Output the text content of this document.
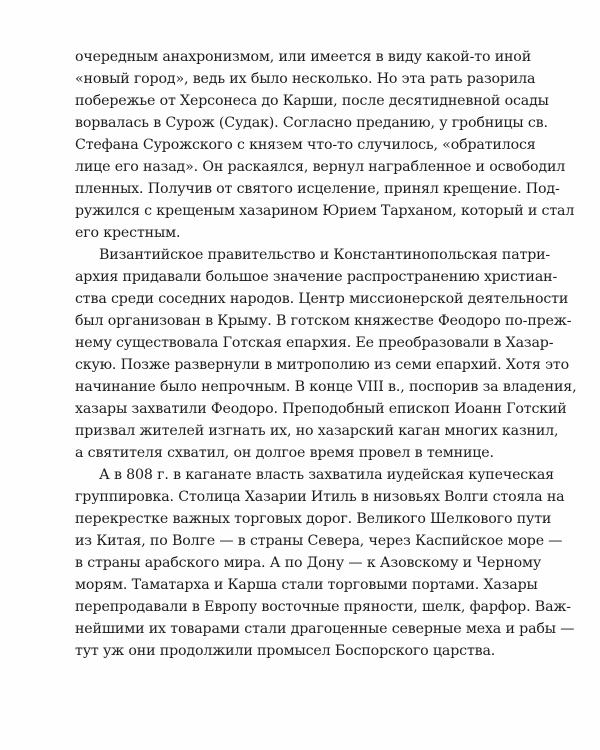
очередным анахронизмом, или имеется в виду какой-то иной
«новый город», ведь их было несколько. Но эта рать разорила
побережье от Херсонеса до Карши, после десятидневной осады
ворвалась в Сурож (Судак). Согласно преданию, у гробницы св.
Стефана Сурожского с князем что-то случилось, «обратилося
лице его назад». Он раскаялся, вернул награбленное и освободил
пленных. Получив от святого исцеление, принял крещение. Под-
ружился с крещеным хазарином Юрием Тарханом, который и стал
его крестным.
Византийское правительство и Константинопольская патри-
архия придавали большое значение распространению христиан-
ства среди соседних народов. Центр миссионерской деятельности
был организован в Крыму. В готском княжестве Феодоро по-преж-
нему существовала Готская епархия. Ее преобразовали в Хазар-
скую. Позже развернули в митрополию из семи епархий. Хотя это
начинание было непрочным. В конце VIII в., поспорив за владения,
хазары захватили Феодоро. Преподобный епископ Иоанн Готский
призвал жителей изгнать их, но хазарский каган многих казнил,
а святителя схватил, он долгое время провел в темнице.
А в 808 г. в каганате власть захватила иудейская купеческая
группировка. Столица Хазарии Итиль в низовьях Волги стояла на
перекрестке важных торговых дорог. Великого Шелкового пути
из Китая, по Волге — в страны Севера, через Каспийское море —
в страны арабского мира. А по Дону — к Азовскому и Черному
морям. Таматарха и Карша стали торговыми портами. Хазары
перепродавали в Европу восточные пряности, шелк, фарфор. Важ-
нейшими их товарами стали драгоценные северные меха и рабы —
тут уж они продолжили промысел Боспорского царства.
